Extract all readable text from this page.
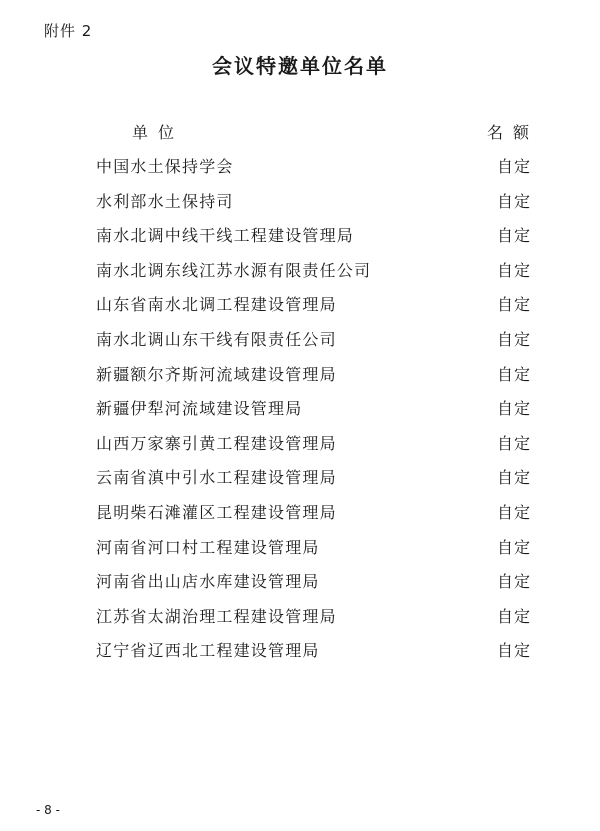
附件 2
会议特邀单位名单
单位	名额
中国水土保持学会	自定
水利部水土保持司	自定
南水北调中线干线工程建设管理局	自定
南水北调东线江苏水源有限责任公司	自定
山东省南水北调工程建设管理局	自定
南水北调山东干线有限责任公司	自定
新疆额尔齐斯河流域建设管理局	自定
新疆伊犁河流域建设管理局	自定
山西万家寨引黄工程建设管理局	自定
云南省滇中引水工程建设管理局	自定
昆明柴石滩灌区工程建设管理局	自定
河南省河口村工程建设管理局	自定
河南省出山店水库建设管理局	自定
江苏省太湖治理工程建设管理局	自定
辽宁省辽西北工程建设管理局	自定
- 8 -
